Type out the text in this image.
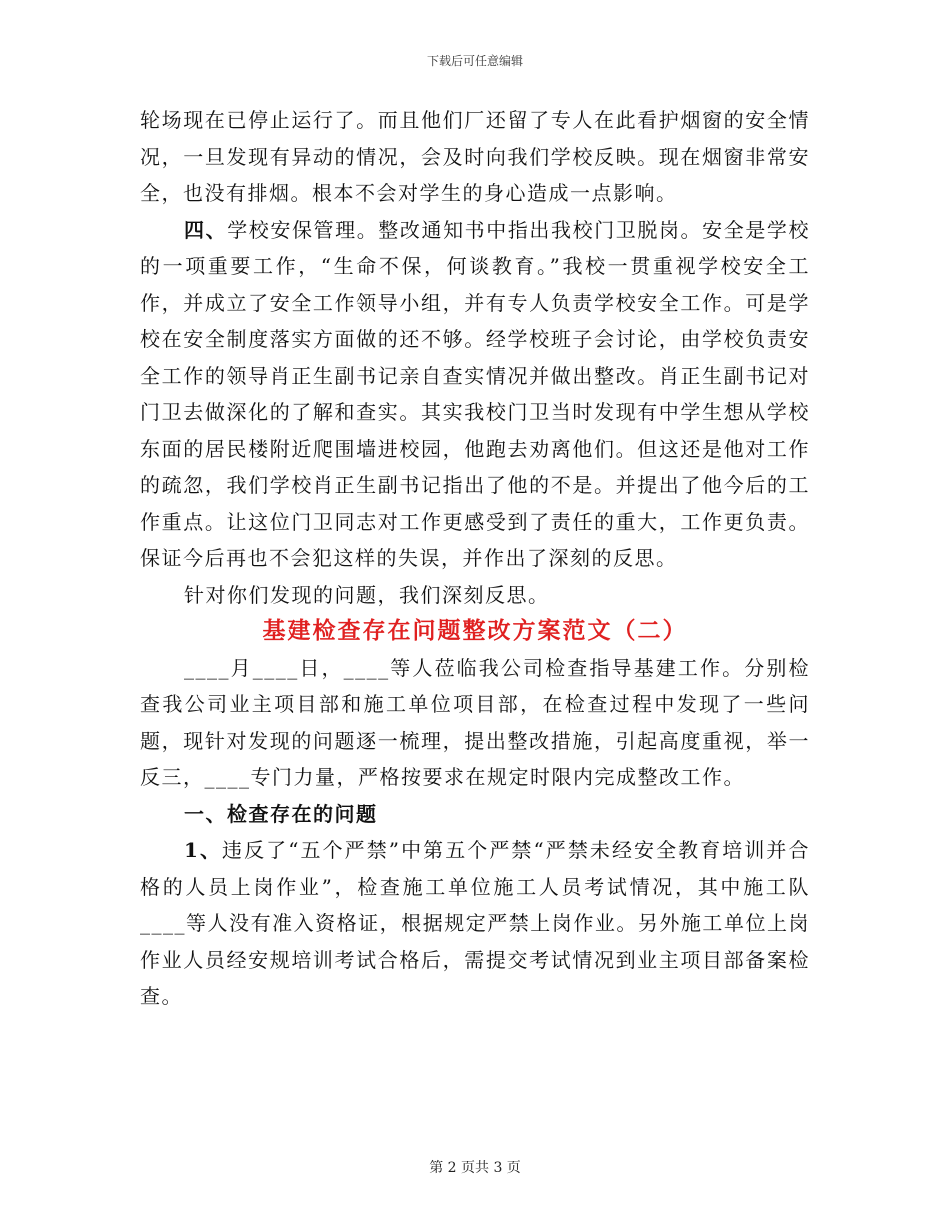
下载后可任意编辑

轮场现在已停止运行了。而且他们厂还留了专人在此看护烟窗的安全情况，一旦发现有异动的情况，会及时向我们学校反映。现在烟窗非常安全，也没有排烟。根本不会对学生的身心造成一点影响。

四、学校安保管理。整改通知书中指出我校门卫脱岗。安全是学校的一项重要工作，“生命不保，何谈教育。”我校一贯重视学校安全工作，并成立了安全工作领导小组，并有专人负责学校安全工作。可是学校在安全制度落实方面做的还不够。经学校班子会讨论，由学校负责安全工作的领导肖正生副书记亲自查实情况并做出整改。肖正生副书记对门卫去做深化的了解和查实。其实我校门卫当时发现有中学生想从学校东面的居民楼附近爬围墙进校园，他跑去劝离他们。但这还是他对工作的疏忽，我们学校肖正生副书记指出了他的不是。并提出了他今后的工作重点。让这位门卫同志对工作更感受到了责任的重大，工作更负责。保证今后再也不会犯这样的失误，并作出了深刻的反思。

针对你们发现的问题，我们深刻反思。

基建检查存在问题整改方案范文（二）

____月____日，____等人莅临我公司检查指导基建工作。分别检查我公司业主项目部和施工单位项目部，在检查过程中发现了一些问题，现针对发现的问题逐一梳理，提出整改措施，引起高度重视，举一反三，____专门力量，严格按要求在规定时限内完成整改工作。

一、检查存在的问题

1、违反了“五个严禁”中第五个严禁“严禁未经安全教育培训并合格的人员上岗作业”，检查施工单位施工人员考试情况，其中施工队____等人没有准入资格证，根据规定严禁上岗作业。另外施工单位上岗作业人员经安规培训考试合格后，需提交考试情况到业主项目部备案检查。

第 2 页共 3 页
